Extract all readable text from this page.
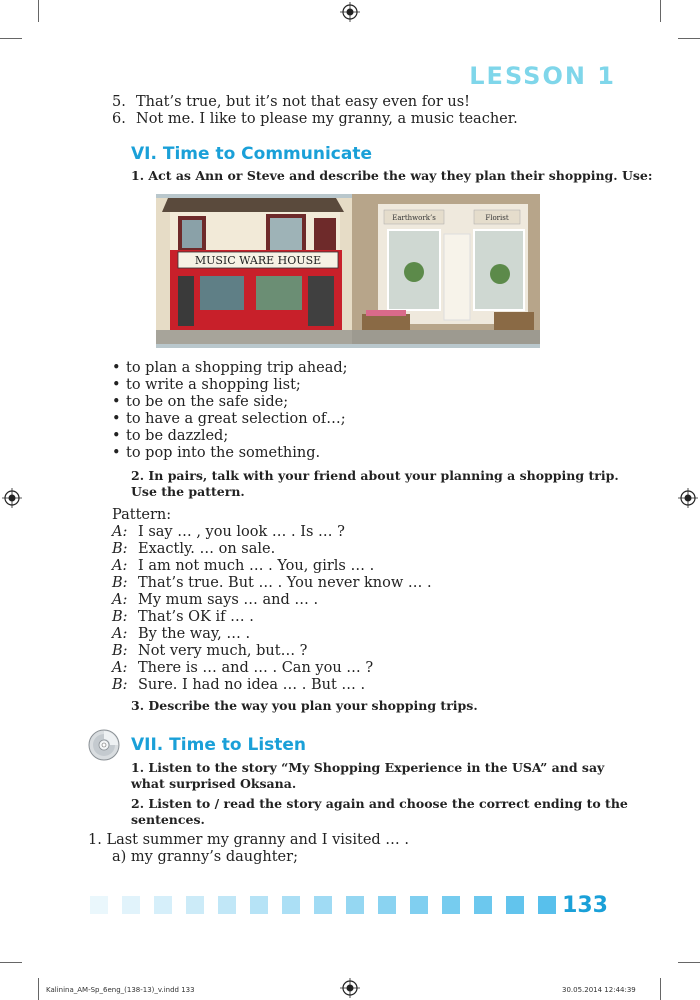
LESSON 1
5. That’s true, but it’s not that easy even for us!
6. Not me. I like to please my granny, a music teacher.
VI. Time to Communicate
1. Act as Ann or Steve and describe the way they plan their shopping. Use:
MUSIC WARE HOUSE
Earthwork’s	Florist
• to plan a shopping trip ahead;
• to write a shopping list;
• to be on the safe side;
• to have a great selection of…;
• to be dazzled;
• to pop into the something.
2. In pairs, talk with your friend about your planning a shopping trip.
Use the pattern.
Pattern:
A: I say … , you look … . Is … ?
B: Exactly. … on sale.
A: I am not much … . You, girls … .
B: That’s true. But … . You never know … .
A: My mum says … and … .
B: That’s OK if … .
A: By the way, … .
B: Not very much, but… ?
A: There is … and … . Can you … ?
B: Sure. I had no idea … . But … .
3. Describe the way you plan your shopping trips.
VII. Time to Listen
1. Listen to the story “My Shopping Experience in the USA” and say
what surprised Oksana.
2. Listen to / read the story again and choose the correct ending to the
sentences.
1. Last summer my granny and I visited … .
a) my granny’s daughter;
133
Kalinina_AM-Sp_6eng_(138-13)_v.indd 133	30.05.2014 12:44:39
